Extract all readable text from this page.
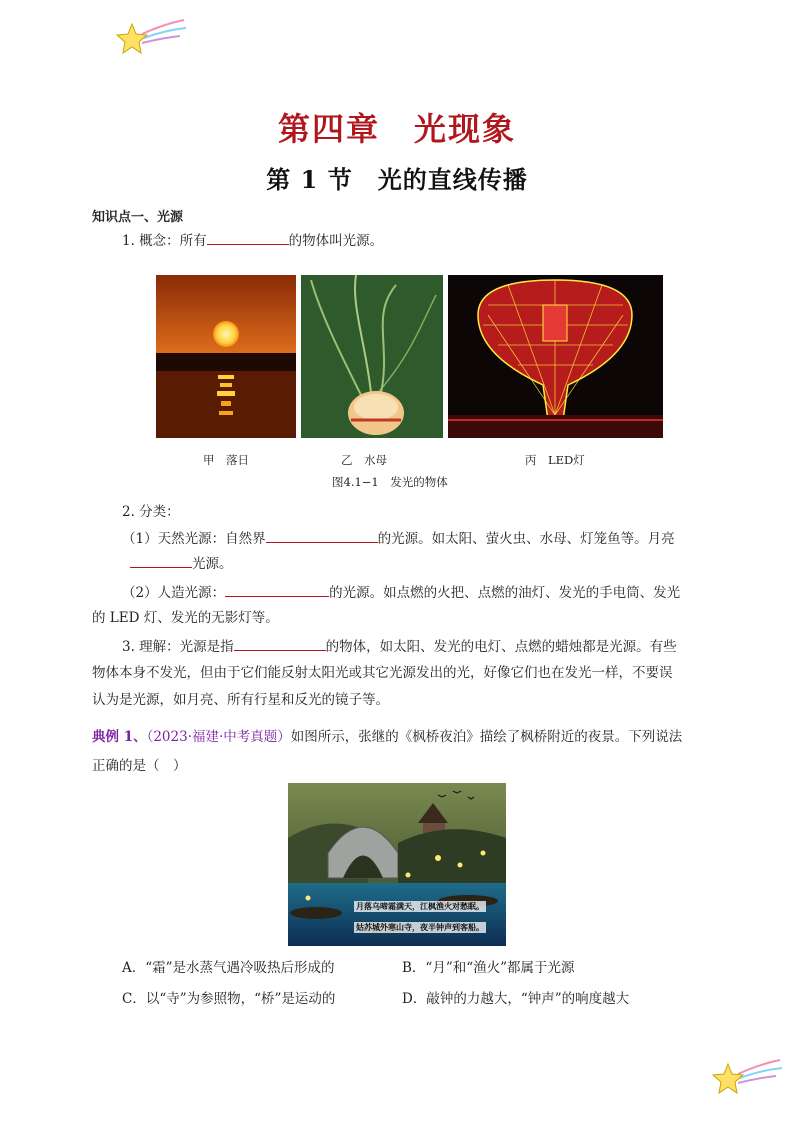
第四章　光现象
第 1 节　光的直线传播
知识点一、光源
1. 概念：所有	的物体叫光源。
甲　落日	乙　水母	丙　LED灯
图4.1−1　发光的物体
2. 分类：
（1）天然光源：自然界	的光源。如太阳、萤火虫、水母、灯笼鱼等。月亮
光源。
（2）人造光源：	的光源。如点燃的火把、点燃的油灯、发光的手电筒、发光
的 LED 灯、发光的无影灯等。
3. 理解：光源是指	的物体，如太阳、发光的电灯、点燃的蜡烛都是光源。有些
物体本身不发光，但由于它们能反射太阳光或其它光源发出的光，好像它们也在发光一样，不要误
认为是光源，如月亮、所有行星和反光的镜子等。
典例 1、（2023·福建·中考真题）如图所示，张继的《枫桥夜泊》描绘了枫桥附近的夜景。下列说法
正确的是（　）
月落乌啼霜满天，江枫渔火对愁眠。
姑苏城外寒山寺，夜半钟声到客船。
A．“霜”是水蒸气遇冷吸热后形成的	B．“月”和“渔火”都属于光源
C．以“寺”为参照物，“桥”是运动的	D．敲钟的力越大，“钟声”的响度越大
